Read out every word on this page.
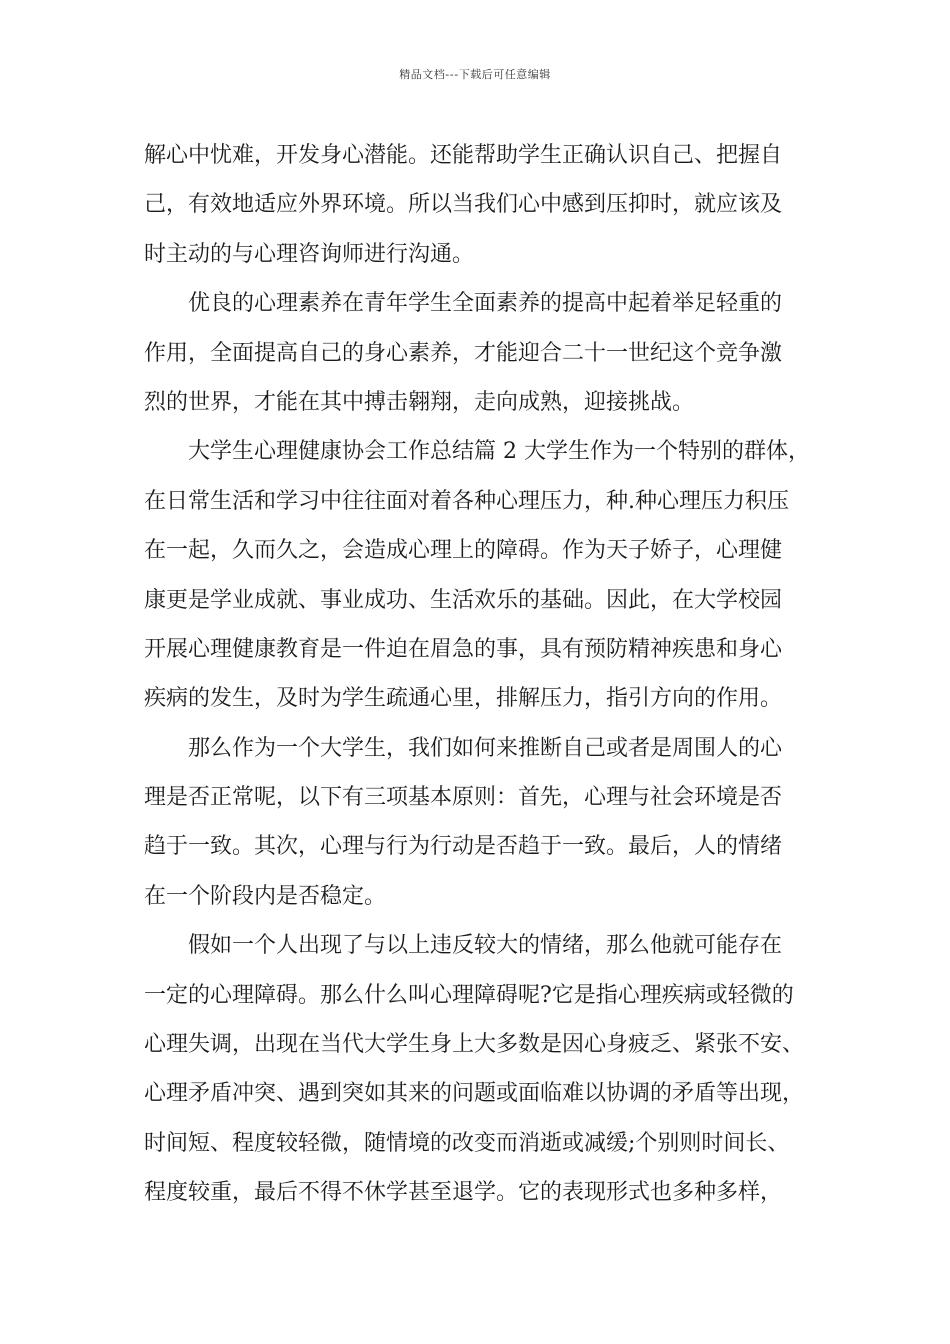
精品文档---下载后可任意编辑
解心中忧难，开发身心潜能。还能帮助学生正确认识自己、把握自
己，有效地适应外界环境。所以当我们心中感到压抑时，就应该及
时主动的与心理咨询师进行沟通。
　　优良的心理素养在青年学生全面素养的提高中起着举足轻重的
作用，全面提高自己的身心素养，才能迎合二十一世纪这个竞争激
烈的世界，才能在其中搏击翱翔，走向成熟，迎接挑战。
　　大学生心理健康协会工作总结篇 2 大学生作为一个特别的群体，
在日常生活和学习中往往面对着各种心理压力，种.种心理压力积压
在一起，久而久之，会造成心理上的障碍。作为天子娇子，心理健
康更是学业成就、事业成功、生活欢乐的基础。因此，在大学校园
开展心理健康教育是一件迫在眉急的事，具有预防精神疾患和身心
疾病的发生，及时为学生疏通心里，排解压力，指引方向的作用。
　　那么作为一个大学生，我们如何来推断自己或者是周围人的心
理是否正常呢，以下有三项基本原则：首先，心理与社会环境是否
趋于一致。其次，心理与行为行动是否趋于一致。最后，人的情绪
在一个阶段内是否稳定。
　　假如一个人出现了与以上违反较大的情绪，那么他就可能存在
一定的心理障碍。那么什么叫心理障碍呢?它是指心理疾病或轻微的
心理失调，出现在当代大学生身上大多数是因心身疲乏、紧张不安、
心理矛盾冲突、遇到突如其来的问题或面临难以协调的矛盾等出现，
时间短、程度较轻微，随情境的改变而消逝或减缓;个别则时间长、
程度较重，最后不得不休学甚至退学。它的表现形式也多种多样，
